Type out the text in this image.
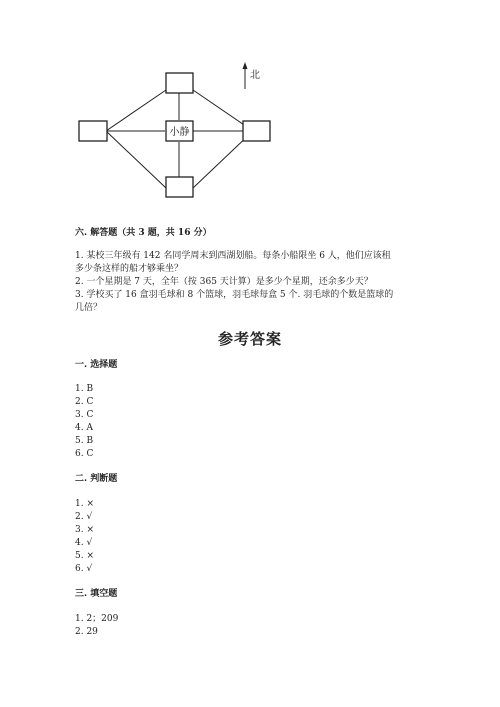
小静
北
六. 解答题（共 3 题，共 16 分）
1. 某校三年级有 142 名同学周末到西湖划船。每条小船限坐 6 人，他们应该租
多少条这样的船才够乘坐？
2. 一个星期是 7 天，全年（按 365 天计算）是多少个星期，还余多少天？
3. 学校买了 16 盒羽毛球和 8 个篮球，羽毛球每盒 5 个. 羽毛球的个数是篮球的
几倍？
参考答案
一. 选择题
1. B
2. C
3. C
4. A
5. B
6. C
二. 判断题
1. ×
2. √
3. ×
4. √
5. ×
6. √
三. 填空题
1. 2；209
2. 29
